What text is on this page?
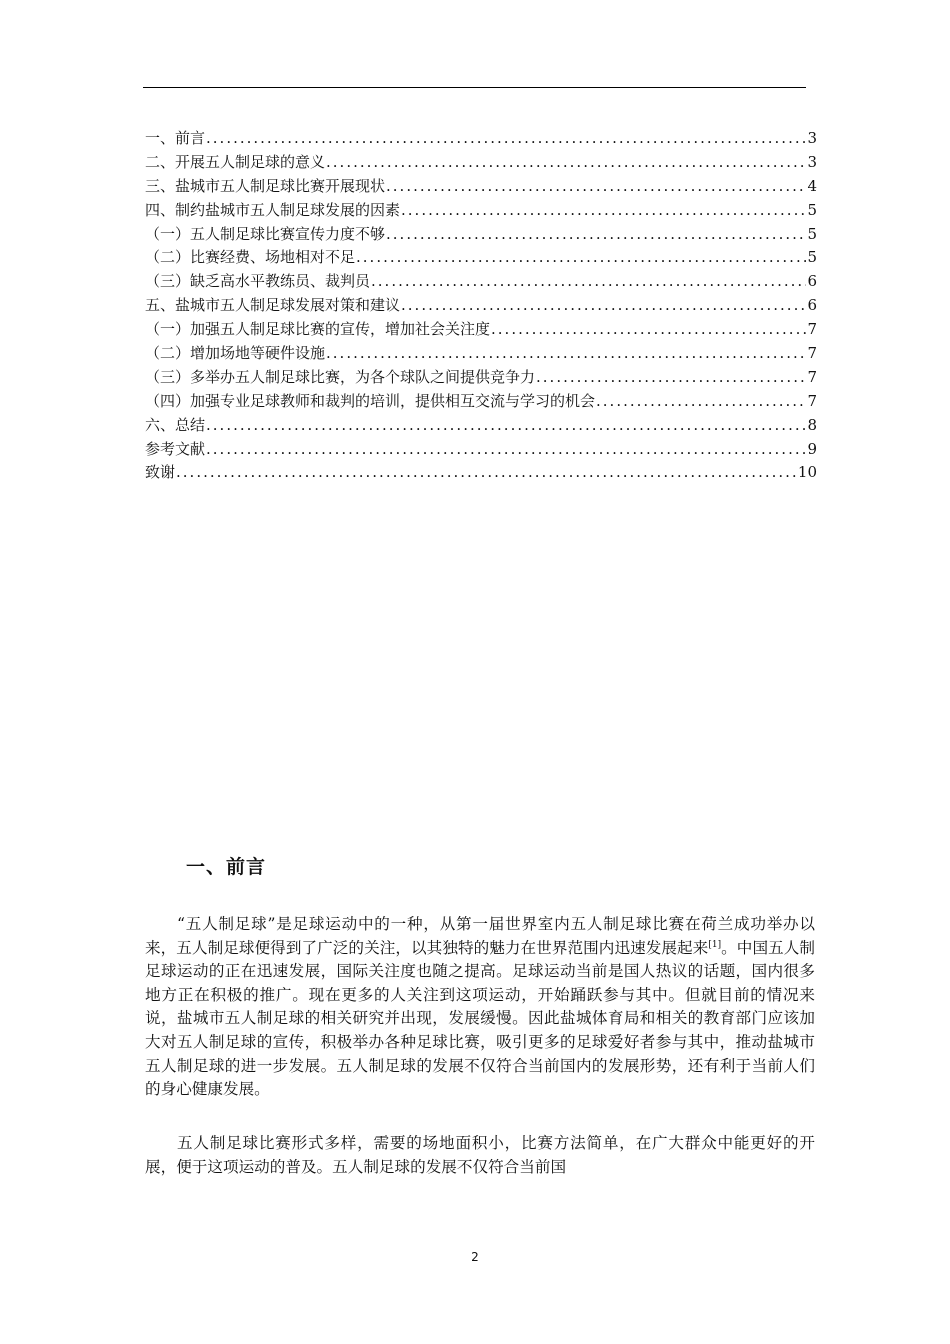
一、前言 .....	3
二、开展五人制足球的意义 .....	3
三、盐城市五人制足球比赛开展现状 .....	4
四、制约盐城市五人制足球发展的因素 .....	5
（一）五人制足球比赛宣传力度不够 .....	5
（二）比赛经费、场地相对不足 .....	5
（三）缺乏高水平教练员、裁判员 .....	6
五、盐城市五人制足球发展对策和建议 .....	6
（一）加强五人制足球比赛的宣传，增加社会关注度 .....	7
（二）增加场地等硬件设施 .....	7
（三）多举办五人制足球比赛，为各个球队之间提供竞争力 .....	7
（四）加强专业足球教师和裁判的培训，提供相互交流与学习的机会 .....	7
六、总结 .....	8
参考文献 .....	9
致谢 .....	10
一、前言

“五人制足球”是足球运动中的一种，从第一届世界室内五人制足球比赛在荷兰成功举办以来，五人制足球便得到了广泛的关注，以其独特的魅力在世界范围内迅速发展起来[1]。中国五人制足球运动的正在迅速发展，国际关注度也随之提高。足球运动当前是国人热议的话题，国内很多地方正在积极的推广。现在更多的人关注到这项运动，开始踊跃参与其中。但就目前的情况来说，盐城市五人制足球的相关研究并出现，发展缓慢。因此盐城体育局和相关的教育部门应该加大对五人制足球的宣传，积极举办各种足球比赛，吸引更多的足球爱好者参与其中，推动盐城市五人制足球的进一步发展。五人制足球的发展不仅符合当前国内的发展形势，还有利于当前人们的身心健康发展。

五人制足球比赛形式多样，需要的场地面积小，比赛方法简单，在广大群众中能更好的开展，便于这项运动的普及。五人制足球的发展不仅符合当前国

2
